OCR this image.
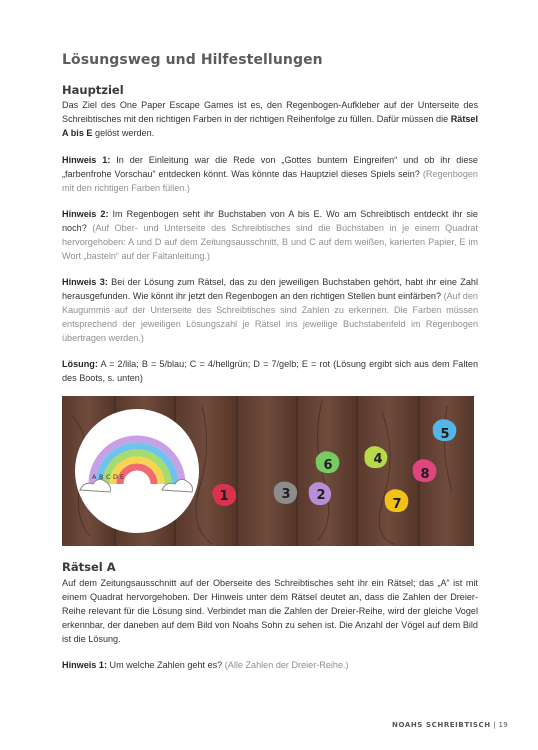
Lösungsweg und Hilfestellungen
Hauptziel

Das Ziel des One Paper Escape Games ist es, den Regenbogen-Aufkleber auf der Unterseite des Schreibtisches mit den richtigen Farben in der richtigen Reihenfolge zu füllen. Dafür müssen die Rätsel A bis E gelöst werden.

Hinweis 1: In der Einleitung war die Rede von „Gottes buntem Eingreifen“ und ob ihr diese „farbenfrohe Vorschau“ entdecken könnt. Was könnte das Hauptziel dieses Spiels sein? (Regenbogen mit den richtigen Farben füllen.)

Hinweis 2: Im Regenbogen seht ihr Buchstaben von A bis E. Wo am Schreibtisch entdeckt ihr sie noch? (Auf Ober- und Unterseite des Schreibtisches sind die Buchstaben in je einem Quadrat hervorgehoben: A und D auf dem Zeitungsausschnitt, B und C auf dem weißen, karierten Papier, E im Wort „basteln“ auf der Faltanleitung.)

Hinweis 3: Bei der Lösung zum Rätsel, das zu den jeweiligen Buchstaben gehört, habt ihr eine Zahl herausgefunden. Wie könnt ihr jetzt den Regenbogen an den richtigen Stellen bunt einfärben? (Auf den Kaugummis auf der Unterseite des Schreibtisches sind Zahlen zu erkennen. Die Farben müssen entsprechend der jeweiligen Lösungszahl je Rätsel ins jeweilige Buchstabenfeld im Regenbogen übertragen werden.)

Lösung: A = 2/lila; B = 5/blau; C = 4/hellgrün; D = 7/gelb; E = rot (Lösung ergibt sich aus dem Falten des Boots, s. unten)

A B C D E
1	3 2
6	4
8
5
7
Rätsel A

Auf dem Zeitungsausschnitt auf der Oberseite des Schreibtisches seht ihr ein Rätsel; das „A“ ist mit einem Quadrat hervorgehoben. Der Hinweis unter dem Rätsel deutet an, dass die Zahlen der Dreier-Reihe relevant für die Lösung sind. Verbindet man die Zahlen der Dreier-Reihe, wird der gleiche Vogel erkennbar, der daneben auf dem Bild von Noahs Sohn zu sehen ist. Die Anzahl der Vögel auf dem Bild ist die Lösung.

Hinweis 1: Um welche Zahlen geht es? (Alle Zahlen der Dreier-Reihe.)

NOAHS SCHREIBTISCH | 19
